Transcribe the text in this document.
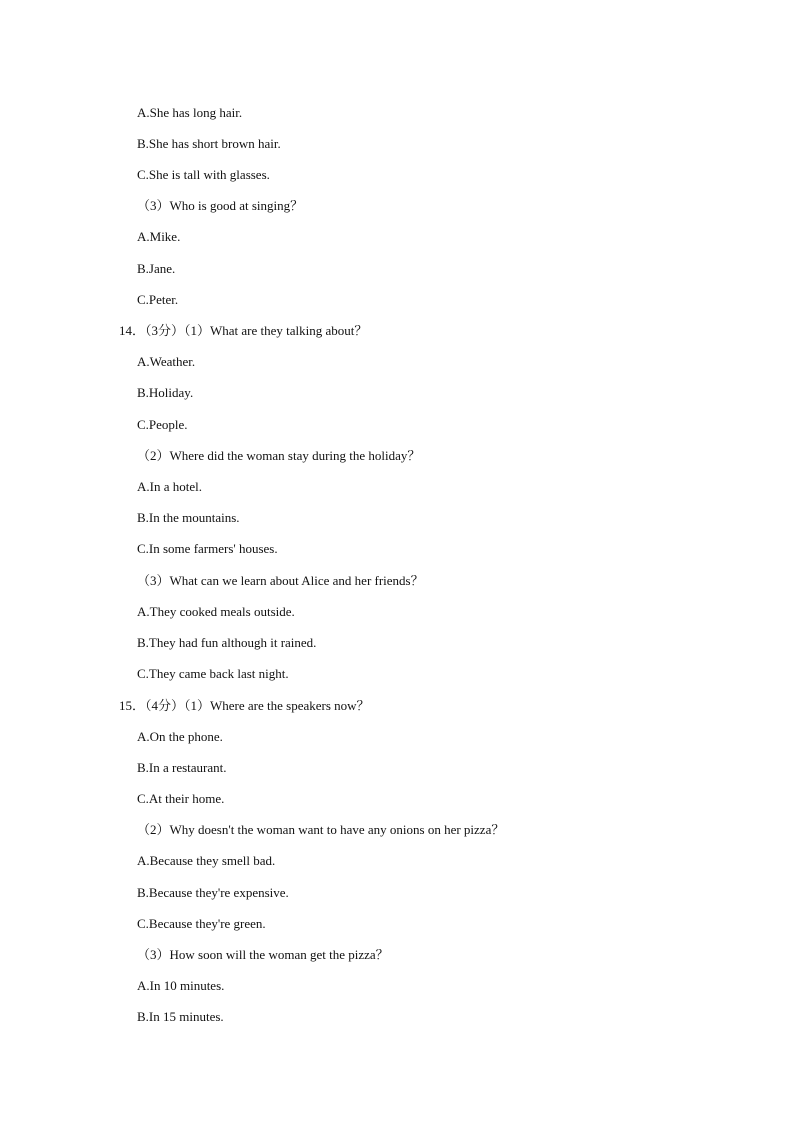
A.She has long hair.
B.She has short brown hair.
C.She is tall with glasses.
（3）Who is good at singing？
A.Mike.
B.Jane.
C.Peter.
14．（3分）（1）What are they talking about？
A.Weather.
B.Holiday.
C.People.
（2）Where did the woman stay during the holiday？
A.In a hotel.
B.In the mountains.
C.In some farmers' houses.
（3）What can we learn about Alice and her friends？
A.They cooked meals outside.
B.They had fun although it rained.
C.They came back last night.
15．（4分）（1）Where are the speakers now？
A.On the phone.
B.In a restaurant.
C.At their home.
（2）Why doesn't the woman want to have any onions on her pizza？
A.Because they smell bad.
B.Because they're expensive.
C.Because they're green.
（3）How soon will the woman get the pizza？
A.In 10 minutes.
B.In 15 minutes.
